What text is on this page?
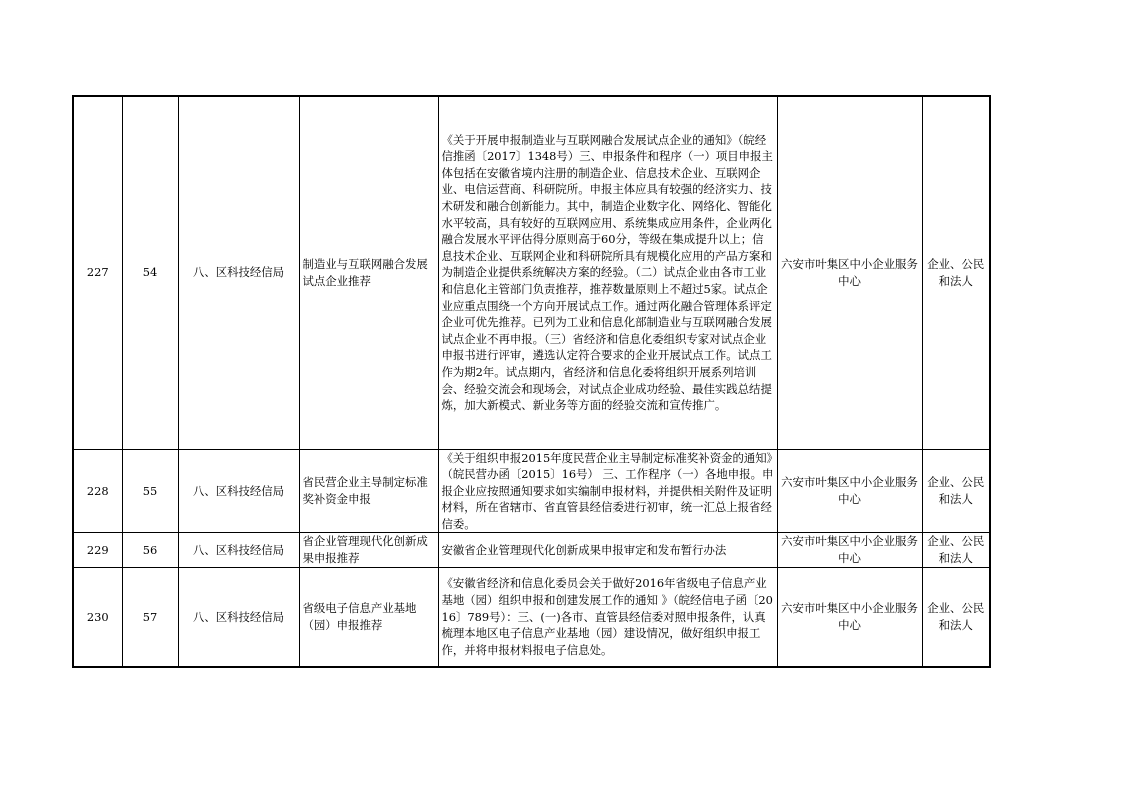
227	54	八、区科技经信局	制造业与互联网融合发展试点企业推荐	《关于开展申报制造业与互联网融合发展试点企业的通知》（皖经信推函〔2017〕1348号）三、申报条件和程序（一）项目申报主体包括在安徽省境内注册的制造企业、信息技术企业、互联网企业、电信运营商、科研院所。申报主体应具有较强的经济实力、技术研发和融合创新能力。其中，制造企业数字化、网络化、智能化水平较高，具有较好的互联网应用、系统集成应用条件，企业两化融合发展水平评估得分原则高于60分，等级在集成提升以上；信息技术企业、互联网企业和科研院所具有规模化应用的产品方案和为制造企业提供系统解决方案的经验。（二）试点企业由各市工业和信息化主管部门负责推荐，推荐数量原则上不超过5家。试点企业应重点围绕一个方向开展试点工作。通过两化融合管理体系评定企业可优先推荐。已列为工业和信息化部制造业与互联网融合发展试点企业不再申报。（三）省经济和信息化委组织专家对试点企业申报书进行评审，遴选认定符合要求的企业开展试点工作。试点工作为期2年。试点期内，省经济和信息化委将组织开展系列培训会、经验交流会和现场会，对试点企业成功经验、最佳实践总结提炼，加大新模式、新业务等方面的经验交流和宣传推广。	六安市叶集区中小企业服务中心	企业、公民和法人
228	55	八、区科技经信局	省民营企业主导制定标准奖补资金申报	《关于组织申报2015年度民营企业主导制定标准奖补资金的通知》（皖民营办函〔2015〕16号） 三、工作程序（一）各地申报。申报企业应按照通知要求如实编制申报材料，并提供相关附件及证明材料，所在省辖市、省直管县经信委进行初审，统一汇总上报省经信委。	六安市叶集区中小企业服务中心	企业、公民和法人
229	56	八、区科技经信局	省企业管理现代化创新成果申报推荐	安徽省企业管理现代化创新成果申报审定和发布暂行办法	六安市叶集区中小企业服务中心	企业、公民和法人
230	57	八、区科技经信局	省级电子信息产业基地（园）申报推荐	《安徽省经济和信息化委员会关于做好2016年省级电子信息产业基地（园）组织申报和创建发展工作的通知 》（皖经信电子函〔2016〕789号）：三、(一)各市、直管县经信委对照申报条件，认真梳理本地区电子信息产业基地（园）建设情况，做好组织申报工作，并将申报材料报电子信息处。	六安市叶集区中小企业服务中心	企业、公民和法人
